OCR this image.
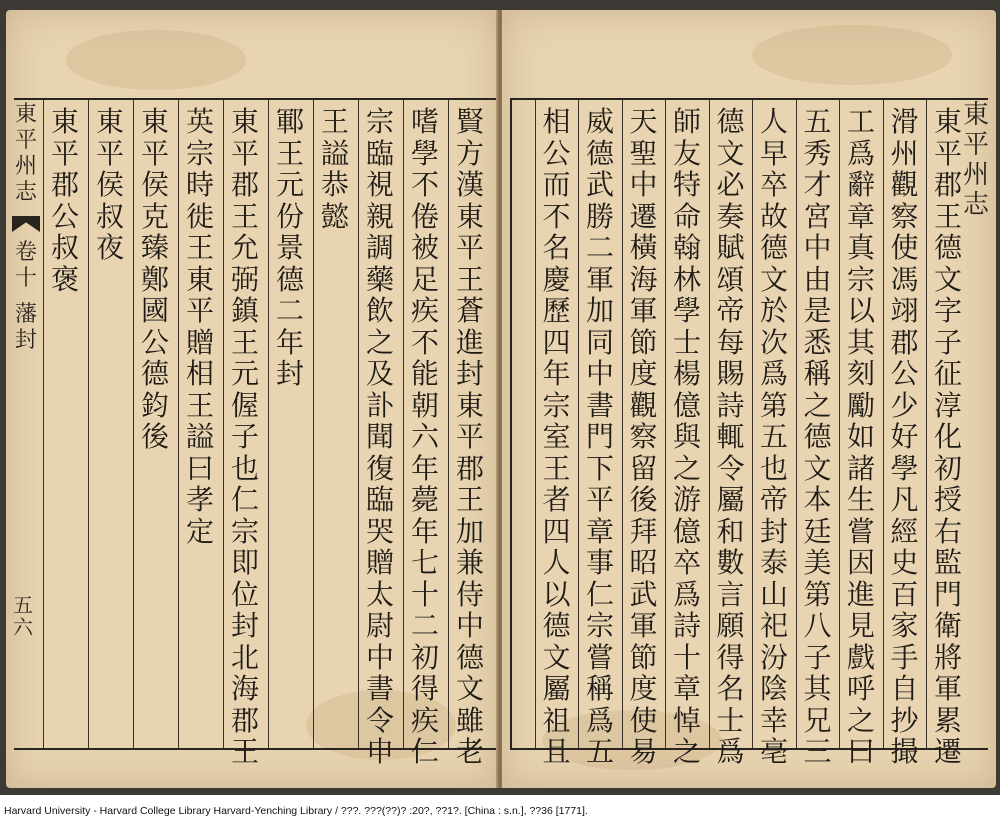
賢
方
漢
東
平
王
蒼
進
封
東
平
郡
王
加
兼
侍
中
德
文
雖
老
嗜
學
不
倦
被
足
疾
不
能
朝
六
年
薨
年
七
十
二
初
得
疾
仁
宗
臨
視
親
調
藥
飲
之
及
訃
聞
復
臨
哭
贈
太
尉
中
書
令
申
王
謚
恭
懿
鄆
王
元
份
景
德
二
年
封
東
平
郡
王
允
弼
鎮
王
元
偓
子
也
仁
宗
即
位
封
北
海
郡
王
英
宗
時
徙
王
東
平
贈
相
王
謚
曰
孝
定
東
平
侯
克
臻
鄭
國
公
德
鈞
後
東
平
侯
叔
夜
東
平
郡
公
叔
褒
東
平
州
志
卷
十
藩
封
東
平
郡
王
德
文
字
子
征
淳
化
初
授
右
監
門
衛
將
軍
累
遷
滑
州
觀
察
使
馮
翊
郡
公
少
好
學
凡
經
史
百
家
手
自
抄
撮
工
爲
辭
章
真
宗
以
其
刻
勵
如
諸
生
嘗
因
進
見
戲
呼
之
曰
五
秀
才
宮
中
由
是
悉
稱
之
德
文
本
廷
美
第
八
子
其
兄
三
人
早
卒
故
德
文
於
次
爲
第
五
也
帝
封
泰
山
祀
汾
陰
幸
亳
德
文
必
奏
賦
頌
帝
每
賜
詩
輒
令
屬
和
數
言
願
得
名
士
爲
師
友
特
命
翰
林
學
士
楊
億
與
之
游
億
卒
爲
詩
十
章
悼
之
天
聖
中
遷
橫
海
軍
節
度
觀
察
留
後
拜
昭
武
軍
節
度
使
易
威
德
武
勝
二
軍
加
同
中
書
門
下
平
章
事
仁
宗
嘗
稱
爲
五
相
公
而
不
名
慶
歷
四
年
宗
室
王
者
四
人
以
德
文
屬
祖
且
Harvard University - Harvard College Library Harvard-Yenching Library / ???. ???(??)? :20?, ??1?. [China : s.n.], ??36 [1771].
東
平
州
志
五
六
